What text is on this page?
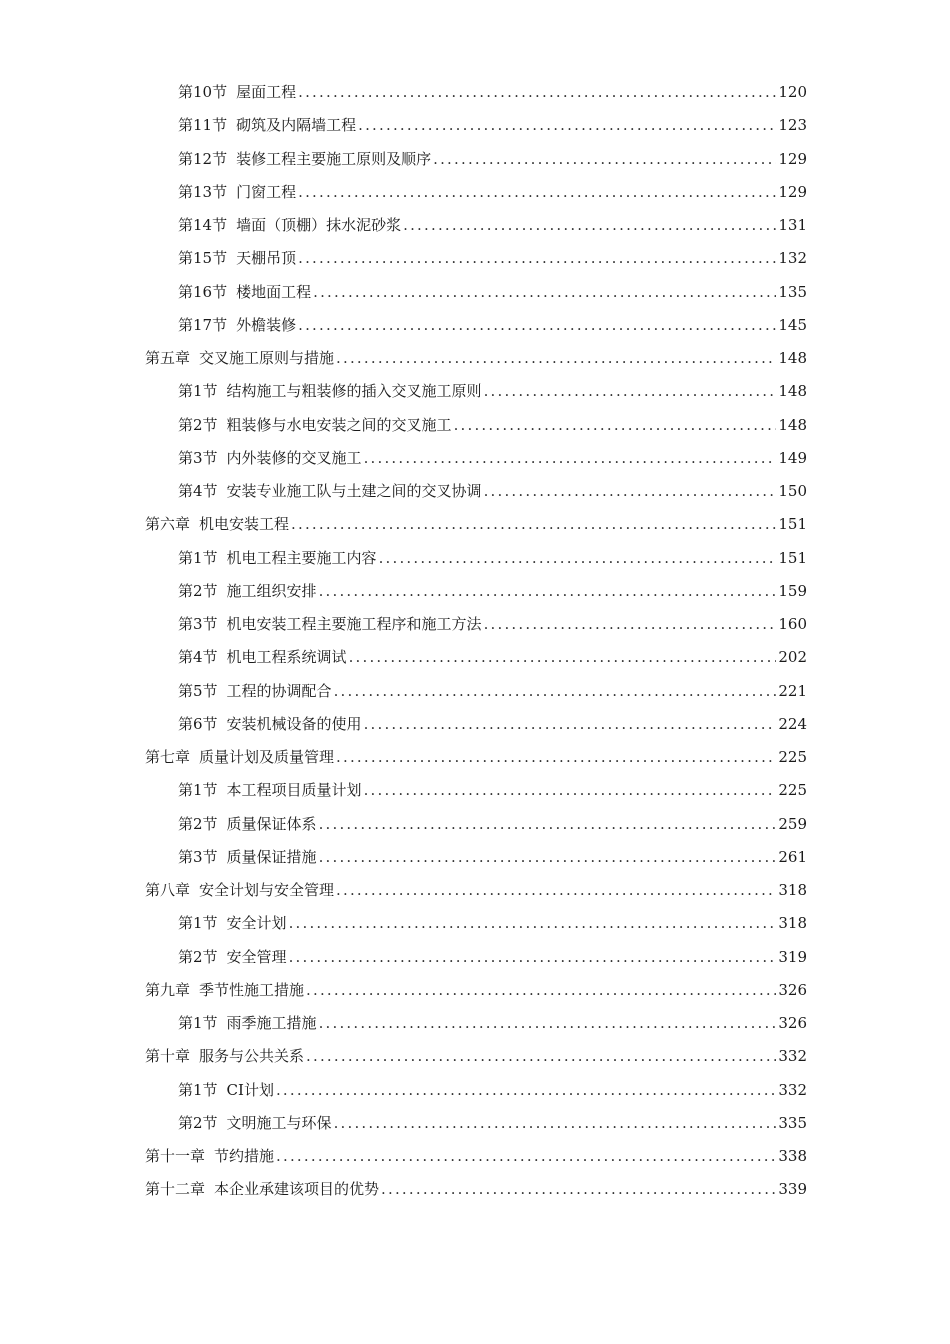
第10节 屋面工程 .....	120
第11节 砌筑及内隔墙工程 .....	123
第12节 装修工程主要施工原则及顺序 .....	129
第13节 门窗工程 .....	129
第14节 墙面（顶棚）抹水泥砂浆 .....	131
第15节 天棚吊顶 .....	132
第16节 楼地面工程 .....	135
第17节 外檐装修 .....	145
第五章 交叉施工原则与措施 .....	148
第1节 结构施工与粗装修的插入交叉施工原则 .....	148
第2节 粗装修与水电安装之间的交叉施工 .....	148
第3节 内外装修的交叉施工 .....	149
第4节 安装专业施工队与土建之间的交叉协调 .....	150
第六章 机电安装工程 .....	151
第1节 机电工程主要施工内容 .....	151
第2节 施工组织安排 .....	159
第3节 机电安装工程主要施工程序和施工方法 .....	160
第4节 机电工程系统调试 .....	202
第5节 工程的协调配合 .....	221
第6节 安装机械设备的使用 .....	224
第七章 质量计划及质量管理 .....	225
第1节 本工程项目质量计划 .....	225
第2节 质量保证体系 .....	259
第3节 质量保证措施 .....	261
第八章 安全计划与安全管理 .....	318
第1节 安全计划 .....	318
第2节 安全管理 .....	319
第九章 季节性施工措施 .....	326
第1节 雨季施工措施 .....	326
第十章 服务与公共关系 .....	332
第1节 CI计划 .....	332
第2节 文明施工与环保 .....	335
第十一章 节约措施 .....	338
第十二章 本企业承建该项目的优势 .....	339
